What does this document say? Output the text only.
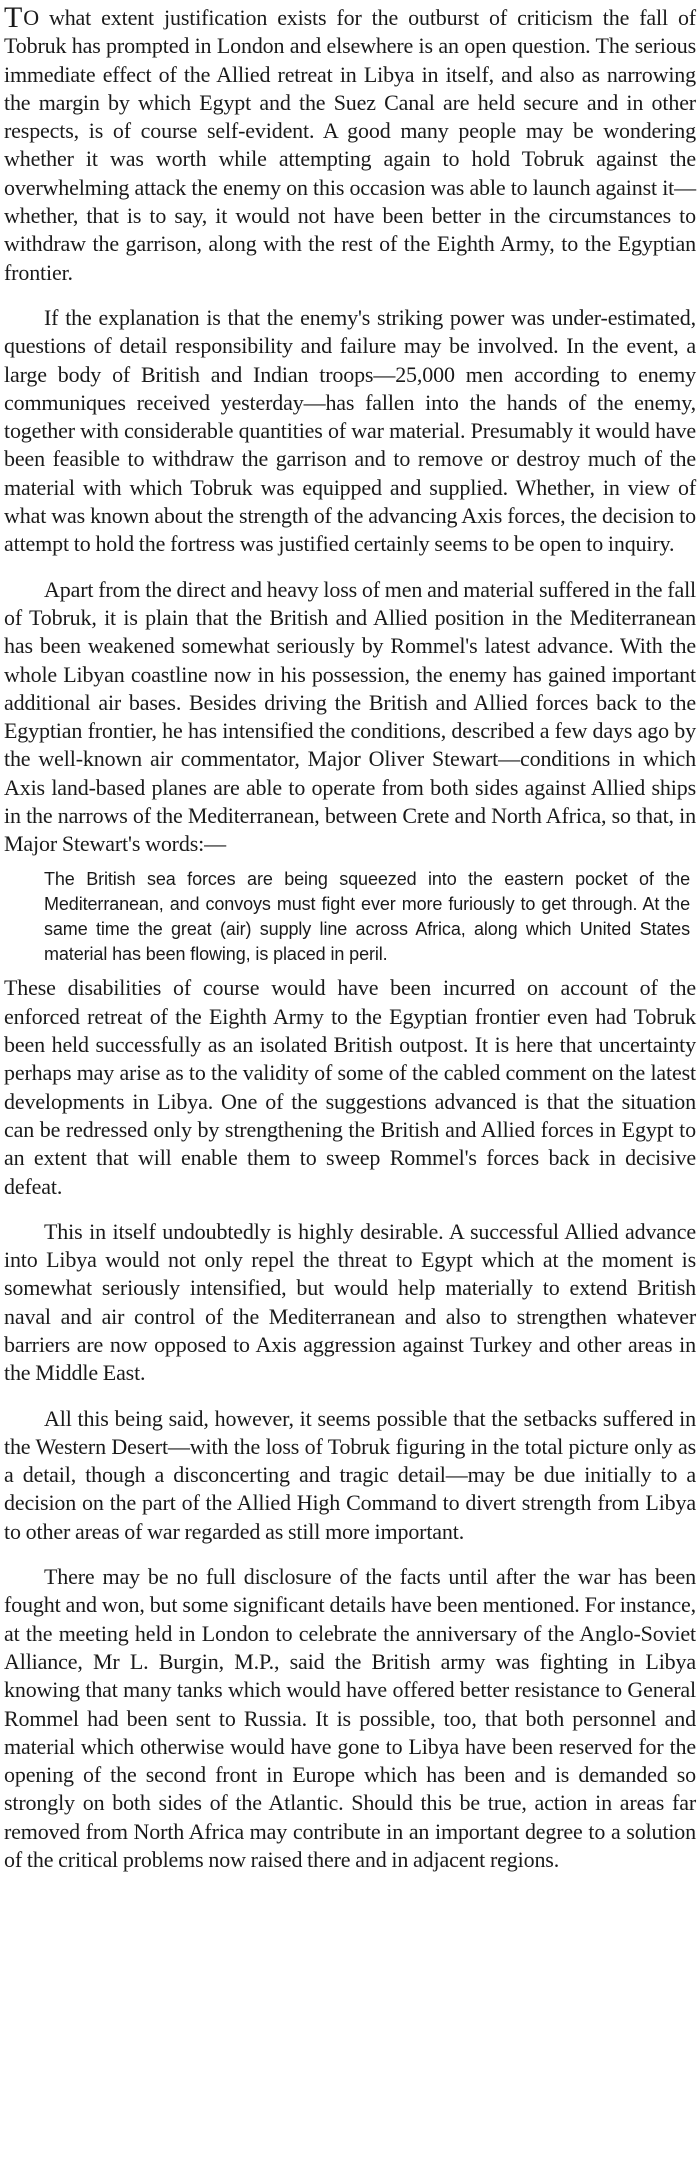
TO what extent justification exists for the outburst of criticism the fall of Tobruk has prompted in London and elsewhere is an open question. The serious immediate effect of the Allied retreat in Libya in itself, and also as narrowing the margin by which Egypt and the Suez Canal are held secure and in other respects, is of course self-evident. A good many people may be wondering whether it was worth while attempting again to hold Tobruk against the overwhelming attack the enemy on this occasion was able to launch against it—whether, that is to say, it would not have been better in the circumstances to withdraw the garrison, along with the rest of the Eighth Army, to the Egyptian frontier.

If the explanation is that the enemy's striking power was under-estimated, questions of detail responsibility and failure may be involved. In the event, a large body of British and Indian troops—25,000 men according to enemy communiques received yesterday—has fallen into the hands of the enemy, together with considerable quantities of war material. Presumably it would have been feasible to withdraw the garrison and to remove or destroy much of the material with which Tobruk was equipped and supplied. Whether, in view of what was known about the strength of the advancing Axis forces, the decision to attempt to hold the fortress was justified certainly seems to be open to inquiry.

Apart from the direct and heavy loss of men and material suffered in the fall of Tobruk, it is plain that the British and Allied position in the Mediterranean has been weakened somewhat seriously by Rommel's latest advance. With the whole Libyan coastline now in his possession, the enemy has gained important additional air bases. Besides driving the British and Allied forces back to the Egyptian frontier, he has intensified the conditions, described a few days ago by the well-known air commentator, Major Oliver Stewart—conditions in which Axis land-based planes are able to operate from both sides against Allied ships in the narrows of the Mediterranean, between Crete and North Africa, so that, in Major Stewart's words:—

The British sea forces are being squeezed into the eastern pocket of the Mediterranean, and convoys must fight ever more furiously to get through. At the same time the great (air) supply line across Africa, along which United States material has been flowing, is placed in peril.

These disabilities of course would have been incurred on account of the enforced retreat of the Eighth Army to the Egyptian frontier even had Tobruk been held successfully as an isolated British outpost. It is here that uncertainty perhaps may arise as to the validity of some of the cabled comment on the latest developments in Libya. One of the suggestions advanced is that the situation can be redressed only by strengthening the British and Allied forces in Egypt to an extent that will enable them to sweep Rommel's forces back in decisive defeat.

This in itself undoubtedly is highly desirable. A successful Allied advance into Libya would not only repel the threat to Egypt which at the moment is somewhat seriously intensified, but would help materially to extend British naval and air control of the Mediterranean and also to strengthen whatever barriers are now opposed to Axis aggression against Turkey and other areas in the Middle East.

All this being said, however, it seems possible that the setbacks suffered in the Western Desert—with the loss of Tobruk figuring in the total picture only as a detail, though a disconcerting and tragic detail—may be due initially to a decision on the part of the Allied High Command to divert strength from Libya to other areas of war regarded as still more important.

There may be no full disclosure of the facts until after the war has been fought and won, but some significant details have been mentioned. For instance, at the meeting held in London to celebrate the anniversary of the Anglo-Soviet Alliance, Mr L. Burgin, M.P., said the British army was fighting in Libya knowing that many tanks which would have offered better resistance to General Rommel had been sent to Russia. It is possible, too, that both personnel and material which otherwise would have gone to Libya have been reserved for the opening of the second front in Europe which has been and is demanded so strongly on both sides of the Atlantic. Should this be true, action in areas far removed from North Africa may contribute in an important degree to a solution of the critical problems now raised there and in adjacent regions.
